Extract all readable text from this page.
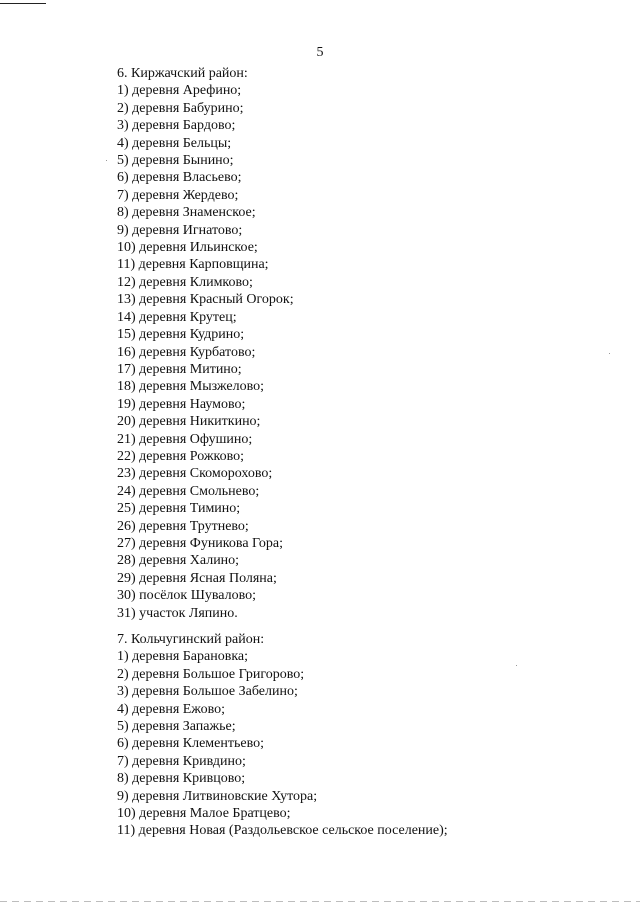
5

6. Киржачский район:

1) деревня Арефино;

2) деревня Бабурино;

3) деревня Бардово;

4) деревня Бельцы;

5) деревня Бынино;

6) деревня Власьево;

7) деревня Жердево;

8) деревня Знаменское;

9) деревня Игнатово;

10) деревня Ильинское;

11) деревня Карповщина;

12) деревня Климково;

13) деревня Красный Огорок;

14) деревня Крутец;

15) деревня Кудрино;

16) деревня Курбатово;

17) деревня Митино;

18) деревня Мызжелово;

19) деревня Наумово;

20) деревня Никиткино;

21) деревня Офушино;

22) деревня Рожково;

23) деревня Скоморохово;

24) деревня Смольнево;

25) деревня Тимино;

26) деревня Трутнево;

27) деревня Фуникова Гора;

28) деревня Халино;

29) деревня Ясная Поляна;

30) посёлок Шувалово;

31) участок Ляпино.

7. Кольчугинский район:

1) деревня Барановка;

2) деревня Большое Григорово;

3) деревня Большое Забелино;

4) деревня Ежово;

5) деревня Запажье;

6) деревня Клементьево;

7) деревня Кривдино;

8) деревня Кривцово;

9) деревня Литвиновские Хутора;

10) деревня Малое Братцево;

11) деревня Новая (Раздольевское сельское поселение);
